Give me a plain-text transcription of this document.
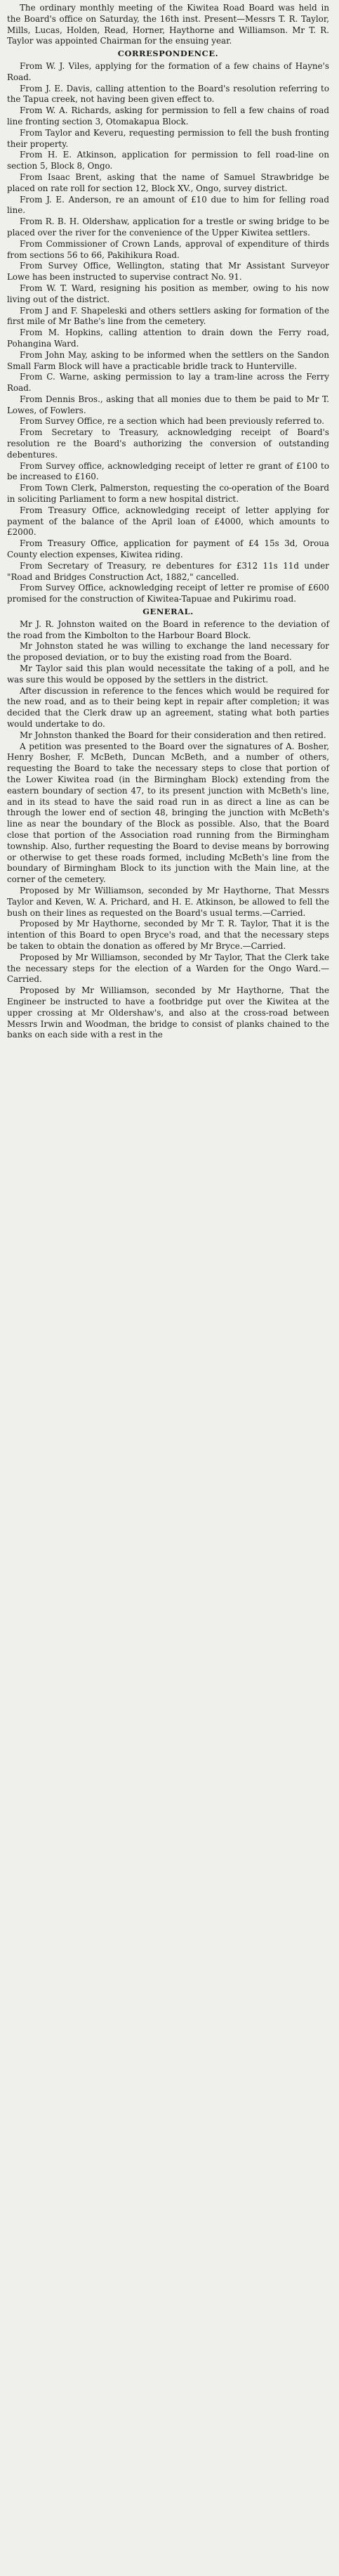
The ordinary monthly meeting of the Kiwitea Road Board was held in the Board's office on Saturday, the 16th inst. Present—Messrs T. R. Taylor, Mills, Lucas, Holden, Read, Horner, Haythorne and Williamson. Mr T. R. Taylor was appointed Chairman for the ensuing year.

CORRESPONDENCE.

From W. J. Viles, applying for the formation of a few chains of Hayne's Road.

From J. E. Davis, calling attention to the Board's resolution referring to the Tapua creek, not having been given effect to.

From W. A. Richards, asking for permission to fell a few chains of road line fronting section 3, Otomakapua Block.

From Taylor and Keveru, requesting permission to fell the bush fronting their property.

From H. E. Atkinson, application for permission to fell road-line on section 5, Block 8, Ongo.

From Isaac Brent, asking that the name of Samuel Strawbridge be placed on rate roll for section 12, Block XV., Ongo, survey district.

From J. E. Anderson, re an amount of £10 due to him for felling road line.

From R. B. H. Oldershaw, application for a trestle or swing bridge to be placed over the river for the convenience of the Upper Kiwitea settlers.

From Commissioner of Crown Lands, approval of expenditure of thirds from sections 56 to 66, Pakihikura Road.

From Survey Office, Wellington, stating that Mr Assistant Surveyor Lowe has been instructed to supervise contract No. 91.

From W. T. Ward, resigning his position as member, owing to his now living out of the district.

From J and F. Shapeleski and others settlers asking for formation of the first mile of Mr Bathe's line from the cemetery.

From M. Hopkins, calling attention to drain down the Ferry road, Pohangina Ward.

From John May, asking to be informed when the settlers on the Sandon Small Farm Block will have a practicable bridle track to Hunterville.

From C. Warne, asking permission to lay a tram-line across the Ferry Road.

From Dennis Bros., asking that all monies due to them be paid to Mr T. Lowes, of Fowlers.

From Survey Office, re a section which had been previously referred to.

From Secretary to Treasury, acknowledging receipt of Board's resolution re the Board's authorizing the conversion of outstanding debentures.

From Survey office, acknowledging receipt of letter re grant of £100 to be increased to £160.

From Town Clerk, Palmerston, requesting the co-operation of the Board in soliciting Parliament to form a new hospital district.

From Treasury Office, acknowledging receipt of letter applying for payment of the balance of the April loan of £4000, which amounts to £2000.

From Treasury Office, application for payment of £4 15s 3d, Oroua County election expenses, Kiwitea riding.

From Secretary of Treasury, re debentures for £312 11s 11d under "Road and Bridges Construction Act, 1882," cancelled.

From Survey Office, acknowledging receipt of letter re promise of £600 promised for the construction of Kiwitea-Tapuae and Pukirimu road.

GENERAL.

Mr J. R. Johnston waited on the Board in reference to the deviation of the road from the Kimbolton to the Harbour Board Block.

Mr Johnston stated he was willing to exchange the land necessary for the proposed deviation, or to buy the existing road from the Board.

Mr Taylor said this plan would necessitate the taking of a poll, and he was sure this would be opposed by the settlers in the district.

After discussion in reference to the fences which would be required for the new road, and as to their being kept in repair after completion; it was decided that the Clerk draw up an agreement, stating what both parties would undertake to do.

Mr Johnston thanked the Board for their consideration and then retired.

A petition was presented to the Board over the signatures of A. Bosher, Henry Bosher, F. McBeth, Duncan McBeth, and a number of others, requesting the Board to take the necessary steps to close that portion of the Lower Kiwitea road (in the Birmingham Block) extending from the eastern boundary of section 47, to its present junction with McBeth's line, and in its stead to have the said road run in as direct a line as can be through the lower end of section 48, bringing the junction with McBeth's line as near the boundary of the Block as possible. Also, that the Board close that portion of the Association road running from the Birmingham township. Also, further requesting the Board to devise means by borrowing or otherwise to get these roads formed, including McBeth's line from the boundary of Birmingham Block to its junction with the Main line, at the corner of the cemetery.

Proposed by Mr Williamson, seconded by Mr Haythorne, That Messrs Taylor and Keven, W. A. Prichard, and H. E. Atkinson, be allowed to fell the bush on their lines as requested on the Board's usual terms.—Carried.

Proposed by Mr Haythorne, seconded by Mr T. R. Taylor, That it is the intention of this Board to open Bryce's road, and that the necessary steps be taken to obtain the donation as offered by Mr Bryce.—Carried.

Proposed by Mr Williamson, seconded by Mr Taylor, That the Clerk take the necessary steps for the election of a Warden for the Ongo Ward.—Carried.

Proposed by Mr Williamson, seconded by Mr Haythorne, That the Engineer be instructed to have a footbridge put over the Kiwitea at the upper crossing at Mr Oldershaw's, and also at the cross-road between Messrs Irwin and Woodman, the bridge to consist of planks chained to the banks on each side with a rest in the
